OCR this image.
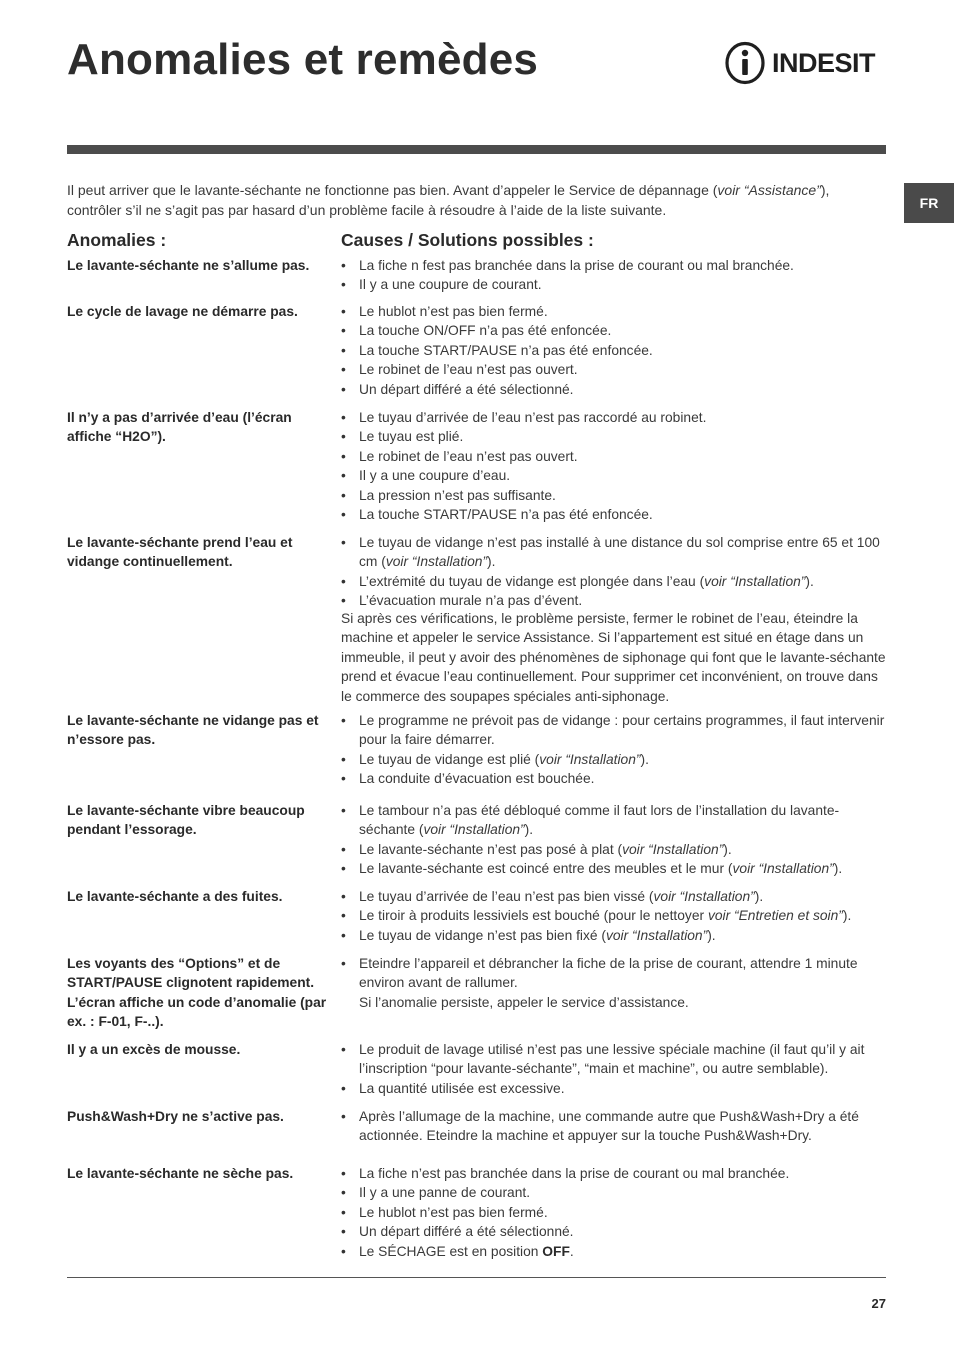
Anomalies et remèdes	INDESIT
FR
Il peut arriver que le lavante-séchante ne fonctionne pas bien. Avant d’appeler le Service de dépannage (voir “Assistance”), contrôler s’il ne s’agit pas par hasard d’un problème facile à résoudre à l’aide de la liste suivante.
Anomalies :	Causes / Solutions possibles :
Le lavante-séchante ne s’allume pas.	• La fiche n fest pas branchée dans la prise de courant ou mal branchée.
• Il y a une coupure de courant.
Le cycle de lavage ne démarre pas.	• Le hublot n’est pas bien fermé.
• La touche ON/OFF n’a pas été enfoncée.
• La touche START/PAUSE n’a pas été enfoncée.
• Le robinet de l’eau n’est pas ouvert.
• Un départ différé a été sélectionné.
Il n’y a pas d’arrivée d’eau (l’écran affiche “H2O”).
• Le tuyau d’arrivée de l’eau n’est pas raccordé au robinet.
• Le tuyau est plié.
• Le robinet de l’eau n’est pas ouvert.
• Il y a une coupure d’eau.
• La pression n’est pas suffisante.
• La touche START/PAUSE n’a pas été enfoncée.
Le lavante-séchante prend l’eau et vidange continuellement.
• Le tuyau de vidange n’est pas installé à une distance du sol comprise entre 65 et 100 cm (voir “Installation”).
• L’extrémité du tuyau de vidange est plongée dans l’eau (voir “Installation”).
• L’évacuation murale n’a pas d’évent.
Si après ces vérifications, le problème persiste, fermer le robinet de l’eau, éteindre la machine et appeler le service Assistance. Si l’appartement est situé en étage dans un immeuble, il peut y avoir des phénomènes de siphonage qui font que le lavante-séchante prend et évacue l’eau continuellement. Pour supprimer cet inconvénient, on trouve dans le commerce des soupapes spéciales anti-siphonage.
Le lavante-séchante ne vidange pas et n’essore pas.
• Le programme ne prévoit pas de vidange : pour certains programmes, il faut intervenir pour la faire démarrer.
• Le tuyau de vidange est plié (voir “Installation”).
• La conduite d’évacuation est bouchée.
Le lavante-séchante vibre beaucoup pendant l’essorage.
• Le tambour n’a pas été débloqué comme il faut lors de l’installation du lavante-séchante (voir “Installation”).
• Le lavante-séchante n’est pas posé à plat (voir “Installation”).
• Le lavante-séchante est coincé entre des meubles et le mur (voir “Installation”).
Le lavante-séchante a des fuites.	• Le tuyau d’arrivée de l’eau n’est pas bien vissé (voir “Installation”).
• Le tiroir à produits lessiviels est bouché (pour le nettoyer voir “Entretien et soin”).
• Le tuyau de vidange n’est pas bien fixé (voir “Installation”).
Les voyants des “Options” et de START/PAUSE clignotent rapidement. L’écran affiche un code d’anomalie (par ex. : F-01, F-..).
• Eteindre l’appareil et débrancher la fiche de la prise de courant, attendre 1 minute environ avant de rallumer.
Si l’anomalie persiste, appeler le service d’assistance.
Il y a un excès de mousse.	• Le produit de lavage utilisé n’est pas une lessive spéciale machine (il faut qu’il y ait l’inscription “pour lavante-séchante”, “main et machine”, ou autre semblable).
• La quantité utilisée est excessive.
Push&Wash+Dry ne s’active pas.	• Après l’allumage de la machine, une commande autre que Push&Wash+Dry a été actionnée. Eteindre la machine et appuyer sur la touche Push&Wash+Dry.
Le lavante-séchante ne sèche pas.	• La fiche n’est pas branchée dans la prise de courant ou mal branchée.
• Il y a une panne de courant.
• Le hublot n’est pas bien fermé.
• Un départ différé a été sélectionné.
• Le SÉCHAGE est en position OFF.
27
